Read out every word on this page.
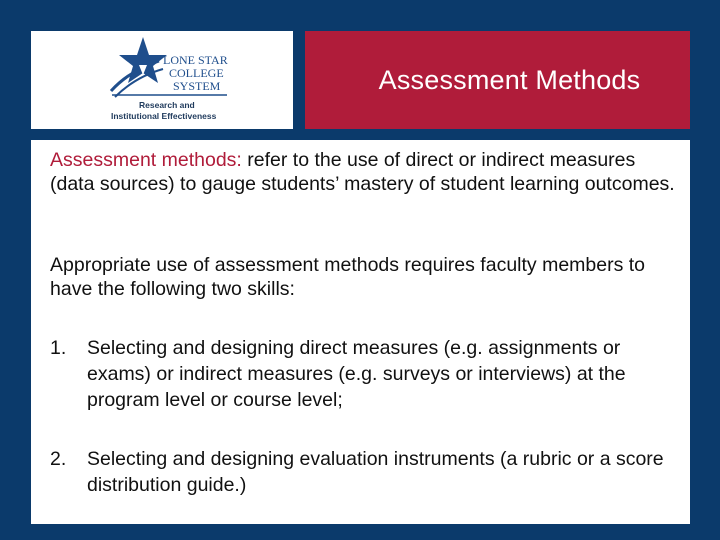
LONE STAR
COLLEGE
SYSTEM
Research and
Institutional Effectiveness
Assessment Methods
Assessment methods: refer to the use of direct or indirect measures (data sources) to gauge students’ mastery of student learning outcomes.
Appropriate use of assessment methods requires faculty members to have the following two skills:
1. Selecting and designing direct measures (e.g. assignments or exams) or indirect measures (e.g. surveys or interviews) at the program level or course level;
2. Selecting and designing evaluation instruments (a rubric or a score distribution guide.)
